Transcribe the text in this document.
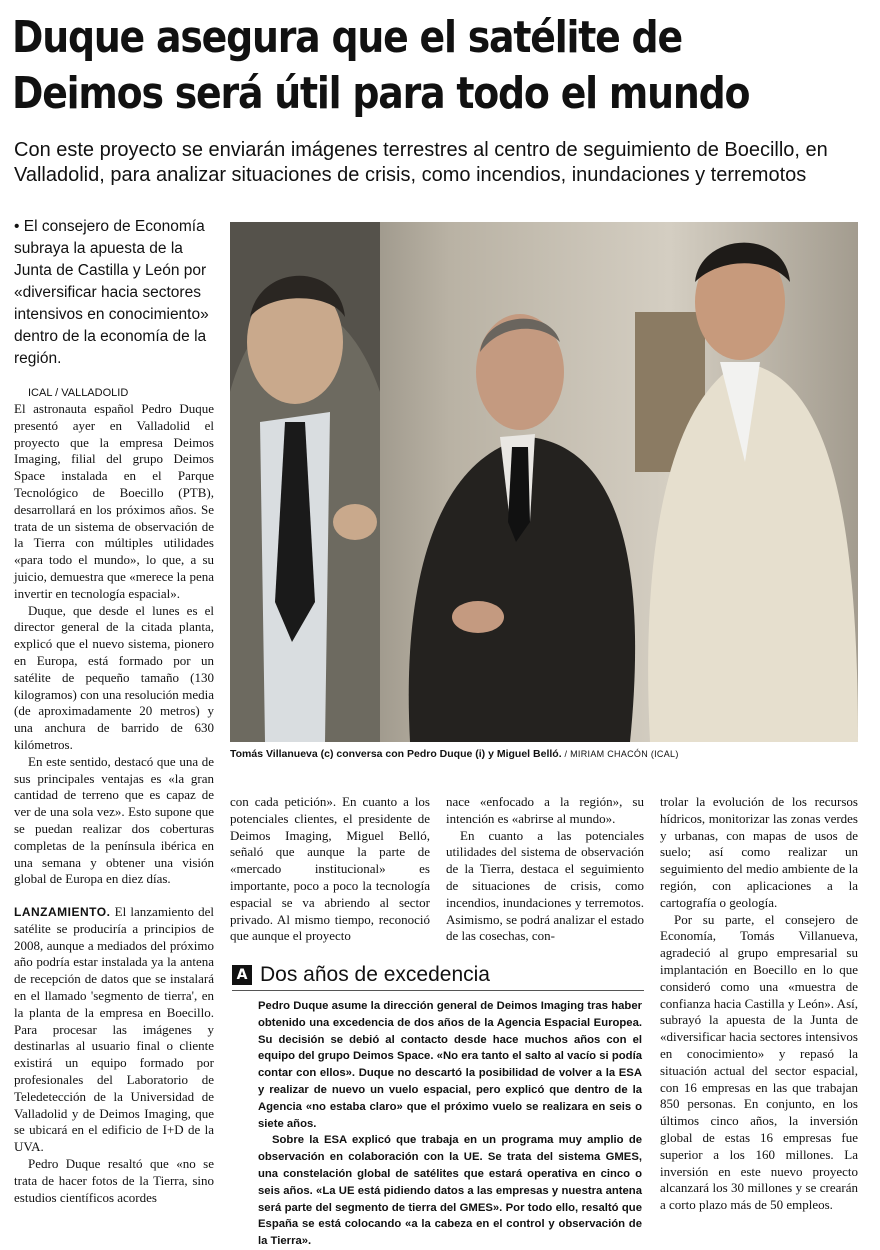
Duque asegura que el satélite de
Deimos será útil para todo el mundo

Con este proyecto se enviarán imágenes terrestres al centro de seguimiento de Boecillo, en Valladolid, para analizar situaciones de crisis, como incendios, inundaciones y terremotos

• El consejero de Economía subraya la apuesta de la Junta de Castilla y León por «diversificar hacia sectores intensivos en conocimiento» dentro de la economía de la región.

ICAL / VALLADOLID

El astronauta español Pedro Duque presentó ayer en Valladolid el proyecto que la empresa Deimos Imaging, filial del grupo Deimos Space instalada en el Parque Tecnológico de Boecillo (PTB), desarrollará en los próximos años. Se trata de un sistema de observación de la Tierra con múltiples utilidades «para todo el mundo», lo que, a su juicio, demuestra que «merece la pena invertir en tecnología espacial».

Duque, que desde el lunes es el director general de la citada planta, explicó que el nuevo sistema, pionero en Europa, está formado por un satélite de pequeño tamaño (130 kilogramos) con una resolución media (de aproximadamente 20 metros) y una anchura de barrido de 630 kilómetros.

En este sentido, destacó que una de sus principales ventajas es «la gran cantidad de terreno que es capaz de ver de una sola vez». Esto supone que se puedan realizar dos coberturas completas de la península ibérica en una semana y obtener una visión global de Europa en diez días.

LANZAMIENTO. El lanzamiento del satélite se produciría a principios de 2008, aunque a mediados del próximo año podría estar instalada ya la antena de recepción de datos que se instalará en el llamado 'segmento de tierra', en la planta de la empresa en Boecillo. Para procesar las imágenes y destinarlas al usuario final o cliente existirá un equipo formado por profesionales del Laboratorio de Teledetección de la Universidad de Valladolid y de Deimos Imaging, que se ubicará en el edificio de I+D de la UVA.

Pedro Duque resaltó que «no se trata de hacer fotos de la Tierra, sino estudios científicos acordes

Tomás Villanueva (c) conversa con Pedro Duque (i) y Miguel Belló. / MIRIAM CHACÓN (ICAL)

con cada petición». En cuanto a los potenciales clientes, el presidente de Deimos Imaging, Miguel Belló, señaló que aunque la parte de «mercado institucional» es importante, poco a poco la tecnología espacial se va abriendo al sector privado. Al mismo tiempo, reconoció que aunque el proyecto

nace «enfocado a la región», su intención es «abrirse al mundo».

En cuanto a las potenciales utilidades del sistema de observación de la Tierra, destaca el seguimiento de situaciones de crisis, como incendios, inundaciones y terremotos. Asimismo, se podrá analizar el estado de las cosechas, con-

trolar la evolución de los recursos hídricos, monitorizar las zonas verdes y urbanas, con mapas de usos de suelo; así como realizar un seguimiento del medio ambiente de la región, con aplicaciones a la cartografía o geología.

Por su parte, el consejero de Economía, Tomás Villanueva, agradeció al grupo empresarial su implantación en Boecillo en lo que consideró como una «muestra de confianza hacia Castilla y León». Así, subrayó la apuesta de la Junta de «diversificar hacia sectores intensivos en conocimiento» y repasó la situación actual del sector espacial, con 16 empresas en las que trabajan 850 personas. En conjunto, en los últimos cinco años, la inversión global de estas 16 empresas fue superior a los 160 millones. La inversión en este nuevo proyecto alcanzará los 30 millones y se crearán a corto plazo más de 50 empleos.

A Dos años de excedencia

Pedro Duque asume la dirección general de Deimos Imaging tras haber obtenido una excedencia de dos años de la Agencia Espacial Europea. Su decisión se debió al contacto desde hace muchos años con el equipo del grupo Deimos Space. «No era tanto el salto al vacío si podía contar con ellos». Duque no descartó la posibilidad de volver a la ESA y realizar de nuevo un vuelo espacial, pero explicó que dentro de la Agencia «no estaba claro» que el próximo vuelo se realizara en seis o siete años.

Sobre la ESA explicó que trabaja en un programa muy amplio de observación en colaboración con la UE. Se trata del sistema GMES, una constelación global de satélites que estará operativa en cinco o seis años. «La UE está pidiendo datos a las empresas y nuestra antena será parte del segmento de tierra del GMES». Por todo ello, resaltó que España se está colocando «a la cabeza en el control y observación de la Tierra».
